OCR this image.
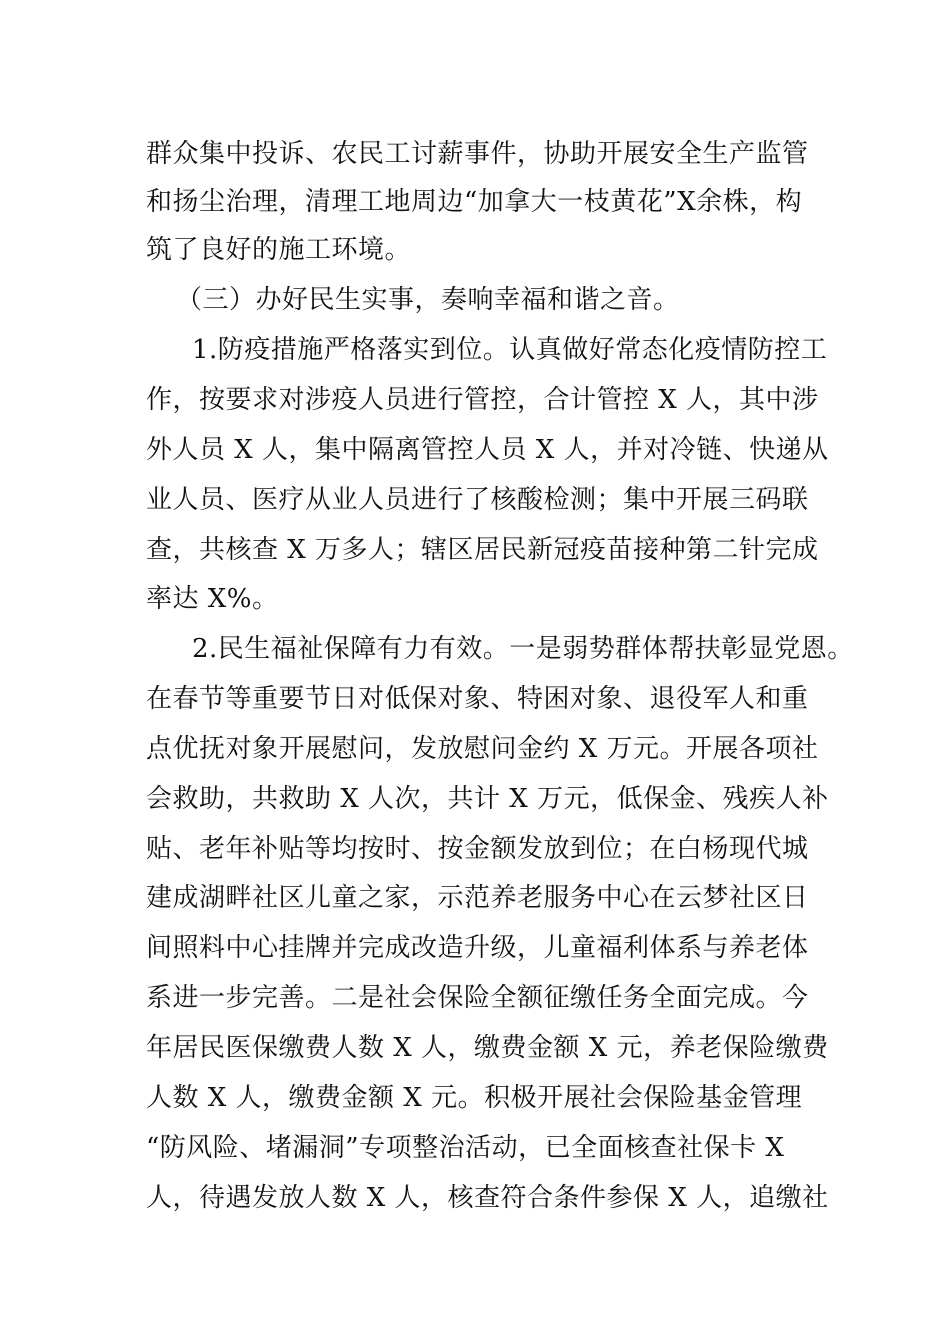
群众集中投诉、农民工讨薪事件，协助开展安全生产监管

和扬尘治理，清理工地周边“加拿大一枝黄花”X余株，构

筑了良好的施工环境。

（三）办好民生实事，奏响幸福和谐之音。

1.防疫措施严格落实到位。认真做好常态化疫情防控工

作，按要求对涉疫人员进行管控，合计管控 X 人，其中涉

外人员 X 人，集中隔离管控人员 X 人，并对冷链、快递从

业人员、医疗从业人员进行了核酸检测；集中开展三码联

查，共核查 X 万多人；辖区居民新冠疫苗接种第二针完成

率达 X%。

2.民生福祉保障有力有效。一是弱势群体帮扶彰显党恩。

在春节等重要节日对低保对象、特困对象、退役军人和重

点优抚对象开展慰问，发放慰问金约 X 万元。开展各项社

会救助，共救助 X 人次，共计 X 万元，低保金、残疾人补

贴、老年补贴等均按时、按金额发放到位；在白杨现代城

建成湖畔社区儿童之家，示范养老服务中心在云梦社区日

间照料中心挂牌并完成改造升级，儿童福利体系与养老体

系进一步完善。二是社会保险全额征缴任务全面完成。今

年居民医保缴费人数 X 人，缴费金额 X 元，养老保险缴费

人数 X 人，缴费金额 X 元。积极开展社会保险基金管理

“防风险、堵漏洞”专项整治活动，已全面核查社保卡 X

人，待遇发放人数 X 人，核查符合条件参保 X 人，追缴社
